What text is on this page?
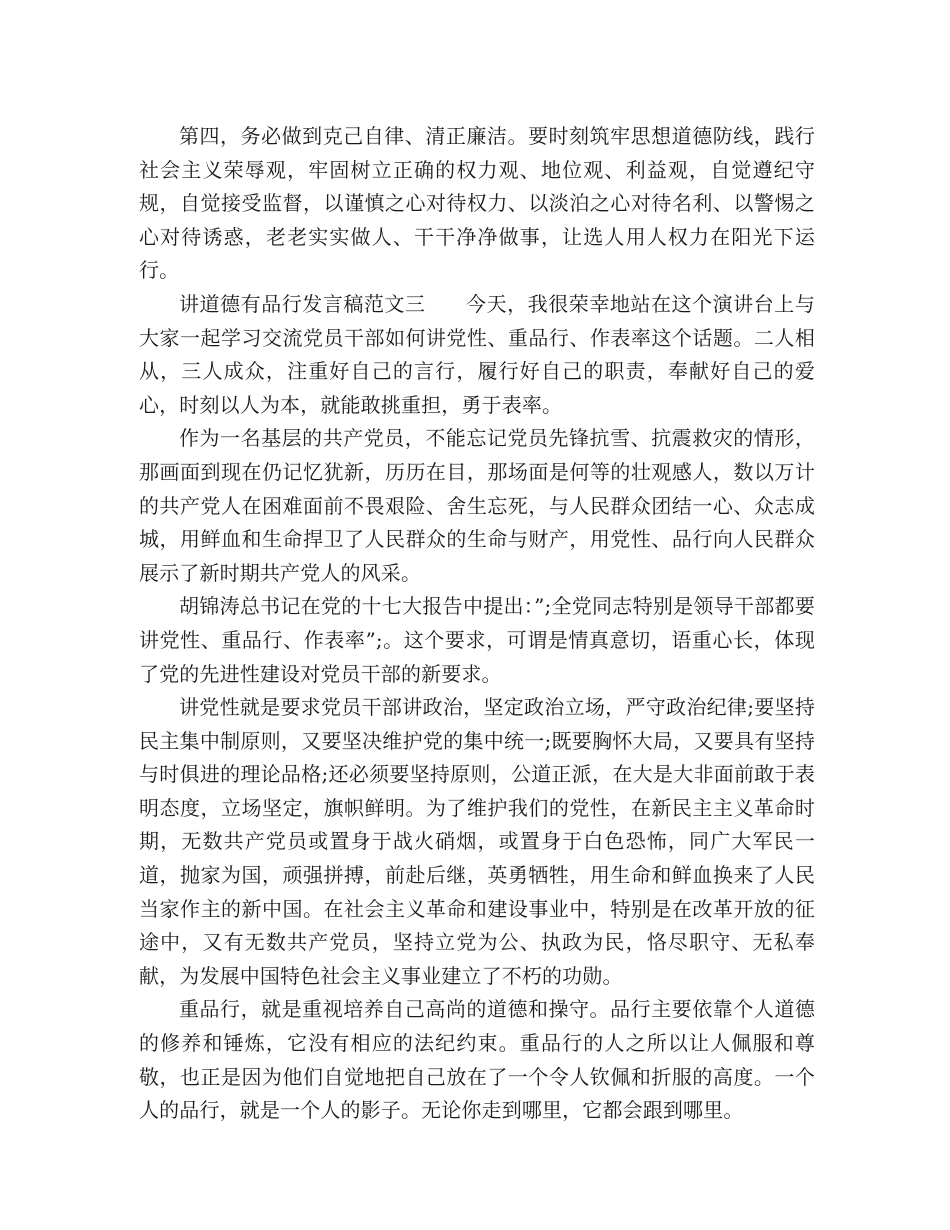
第四，务必做到克己自律、清正廉洁。要时刻筑牢思想道德防线，践行社会主义荣辱观，牢固树立正确的权力观、地位观、利益观，自觉遵纪守规，自觉接受监督，以谨慎之心对待权力、以淡泊之心对待名利、以警惕之心对待诱惑，老老实实做人、干干净净做事，让选人用人权力在阳光下运行。

讲道德有品行发言稿范文三 今天，我很荣幸地站在这个演讲台上与大家一起学习交流党员干部如何讲党性、重品行、作表率这个话题。二人相从，三人成众，注重好自己的言行，履行好自己的职责，奉献好自己的爱心，时刻以人为本，就能敢挑重担，勇于表率。

作为一名基层的共产党员，不能忘记党员先锋抗雪、抗震救灾的情形，那画面到现在仍记忆犹新，历历在目，那场面是何等的壮观感人，数以万计的共产党人在困难面前不畏艰险、舍生忘死，与人民群众团结一心、众志成城，用鲜血和生命捍卫了人民群众的生命与财产，用党性、品行向人民群众展示了新时期共产党人的风采。

胡锦涛总书记在党的十七大报告中提出：”;全党同志特别是领导干部都要讲党性、重品行、作表率”;。这个要求，可谓是情真意切，语重心长，体现了党的先进性建设对党员干部的新要求。

讲党性就是要求党员干部讲政治，坚定政治立场，严守政治纪律;要坚持民主集中制原则，又要坚决维护党的集中统一;既要胸怀大局，又要具有坚持与时俱进的理论品格;还必须要坚持原则，公道正派，在大是大非面前敢于表明态度，立场坚定，旗帜鲜明。为了维护我们的党性，在新民主主义革命时期，无数共产党员或置身于战火硝烟，或置身于白色恐怖，同广大军民一道，抛家为国，顽强拼搏，前赴后继，英勇牺牲，用生命和鲜血换来了人民当家作主的新中国。在社会主义革命和建设事业中，特别是在改革开放的征途中，又有无数共产党员，坚持立党为公、执政为民，恪尽职守、无私奉献，为发展中国特色社会主义事业建立了不朽的功勋。

重品行，就是重视培养自己高尚的道德和操守。品行主要依靠个人道德的修养和锤炼，它没有相应的法纪约束。重品行的人之所以让人佩服和尊敬，也正是因为他们自觉地把自己放在了一个令人钦佩和折服的高度。一个人的品行，就是一个人的影子。无论你走到哪里，它都会跟到哪里。
